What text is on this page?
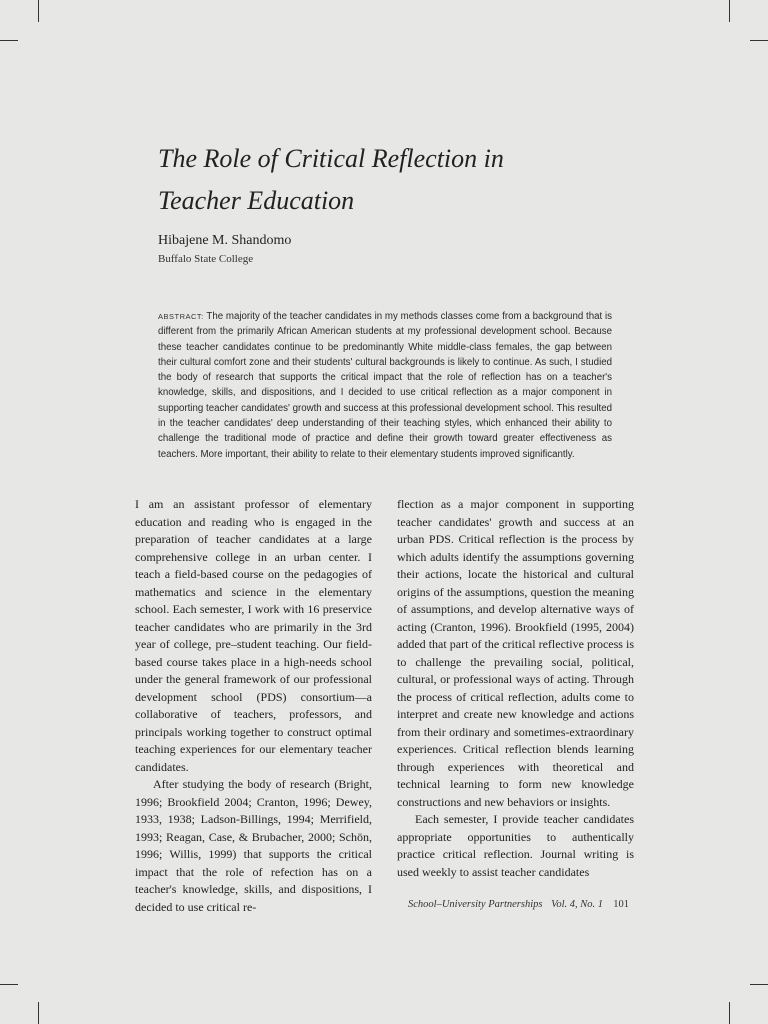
The Role of Critical Reflection in
Teacher Education
Hibajene M. Shandomo
Buffalo State College

ABSTRACT: The majority of the teacher candidates in my methods classes come from a background that is different from the primarily African American students at my professional development school. Because these teacher candidates continue to be predominantly White middle-class females, the gap between their cultural comfort zone and their students' cultural backgrounds is likely to continue. As such, I studied the body of research that supports the critical impact that the role of reflection has on a teacher's knowledge, skills, and dispositions, and I decided to use critical reflection as a major component in supporting teacher candidates' growth and success at this professional development school. This resulted in the teacher candidates' deep understanding of their teaching styles, which enhanced their ability to challenge the traditional mode of practice and define their growth toward greater effectiveness as teachers. More important, their ability to relate to their elementary students improved significantly.

I am an assistant professor of elementary education and reading who is engaged in the preparation of teacher candidates at a large comprehensive college in an urban center. I teach a field-based course on the pedagogies of mathematics and science in the elementary school. Each semester, I work with 16 preservice teacher candidates who are primarily in the 3rd year of college, pre–student teaching. Our field-based course takes place in a high-needs school under the general framework of our professional development school (PDS) consortium—a collaborative of teachers, professors, and principals working together to construct optimal teaching experiences for our elementary teacher candidates.

After studying the body of research (Bright, 1996; Brookfield 2004; Cranton, 1996; Dewey, 1933, 1938; Ladson-Billings, 1994; Merrifield, 1993; Reagan, Case, & Brubacher, 2000; Schön, 1996; Willis, 1999) that supports the critical impact that the role of refection has on a teacher's knowledge, skills, and dispositions, I decided to use critical re-

flection as a major component in supporting teacher candidates' growth and success at an urban PDS. Critical reflection is the process by which adults identify the assumptions governing their actions, locate the historical and cultural origins of the assumptions, question the meaning of assumptions, and develop alternative ways of acting (Cranton, 1996). Brookfield (1995, 2004) added that part of the critical reflective process is to challenge the prevailing social, political, cultural, or professional ways of acting. Through the process of critical reflection, adults come to interpret and create new knowledge and actions from their ordinary and sometimes-extraordinary experiences. Critical reflection blends learning through experiences with theoretical and technical learning to form new knowledge constructions and new behaviors or insights.

Each semester, I provide teacher candidates appropriate opportunities to authentically practice critical reflection. Journal writing is used weekly to assist teacher candidates

School–University Partnerships Vol. 4, No. 1 101
